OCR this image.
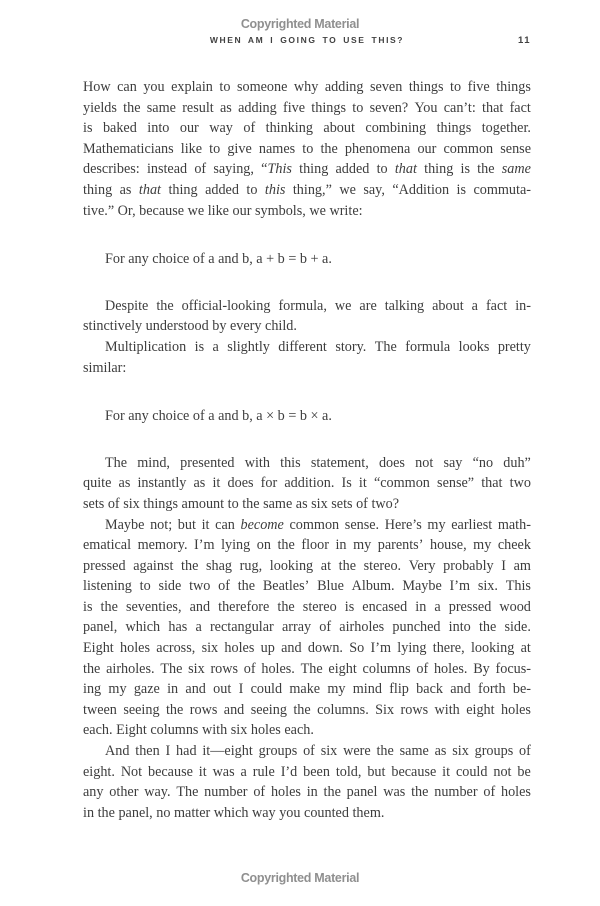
Copyrighted Material
WHEN AM I GOING TO USE THIS?	11
How can you explain to someone why adding seven things to five things
yields the same result as adding five things to seven? You can’t: that fact
is baked into our way of thinking about combining things together.
Mathematicians like to give names to the phenomena our common sense
describes: instead of saying, “This thing added to that thing is the same
thing as that thing added to this thing,” we say, “Addition is commuta-
tive.” Or, because we like our symbols, we write:
For any choice of a and b, a + b = b + a.
Despite the official-looking formula, we are talking about a fact in-
stinctively understood by every child.
Multiplication is a slightly different story. The formula looks pretty
similar:
For any choice of a and b, a × b = b × a.
The mind, presented with this statement, does not say “no duh”
quite as instantly as it does for addition. Is it “common sense” that two
sets of six things amount to the same as six sets of two?
Maybe not; but it can become common sense. Here’s my earliest math-
ematical memory. I’m lying on the floor in my parents’ house, my cheek
pressed against the shag rug, looking at the stereo. Very probably I am
listening to side two of the Beatles’ Blue Album. Maybe I’m six. This
is the seventies, and therefore the stereo is encased in a pressed wood
panel, which has a rectangular array of airholes punched into the side.
Eight holes across, six holes up and down. So I’m lying there, looking at
the airholes. The six rows of holes. The eight columns of holes. By focus-
ing my gaze in and out I could make my mind flip back and forth be-
tween seeing the rows and seeing the columns. Six rows with eight holes
each. Eight columns with six holes each.
And then I had it—eight groups of six were the same as six groups of
eight. Not because it was a rule I’d been told, but because it could not be
any other way. The number of holes in the panel was the number of holes
in the panel, no matter which way you counted them.
Copyrighted Material
